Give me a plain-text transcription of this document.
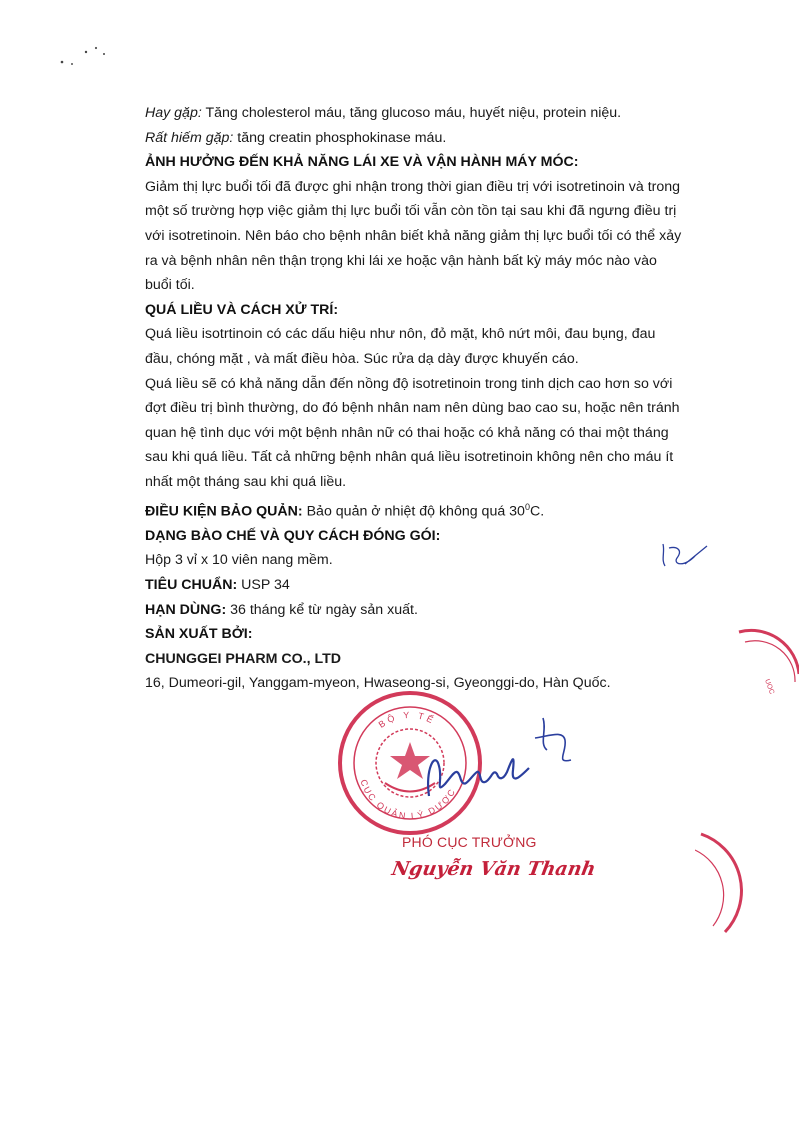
Hay gặp: Tăng cholesterol máu, tăng glucoso máu, huyết niệu, protein niệu.

Rất hiếm gặp: tăng creatin phosphokinase máu.

ẢNH HƯỞNG ĐẾN KHẢ NĂNG LÁI XE VÀ VẬN HÀNH MÁY MÓC:

Giảm thị lực buổi tối đã được ghi nhận trong thời gian điều trị với isotretinoin và trong

một số trường hợp việc giảm thị lực buổi tối vẫn còn tồn tại sau khi đã ngưng điều trị

với isotretinoin. Nên báo cho bệnh nhân biết khả năng giảm thị lực buổi tối có thể xảy

ra và bệnh nhân nên thận trọng khi lái xe hoặc vận hành bất kỳ máy móc nào vào

buổi tối.

QUÁ LIỀU VÀ CÁCH XỬ TRÍ:

Quá liều isotrtinoin có các dấu hiệu như nôn, đỏ mặt, khô nứt môi, đau bụng, đau

đầu, chóng mặt , và mất điều hòa. Súc rửa dạ dày được khuyến cáo.

Quá liều sẽ có khả năng dẫn đến nồng độ isotretinoin trong tinh dịch cao hơn so với

đợt điều trị bình thường, do đó bệnh nhân nam nên dùng bao cao su, hoặc nên tránh

quan hệ tình dục với một bệnh nhân nữ có thai hoặc có khả năng có thai một tháng

sau khi quá liều. Tất cả những bệnh nhân quá liều isotretinoin không nên cho máu ít

nhất một tháng sau khi quá liều.

ĐIỀU KIỆN BẢO QUẢN: Bảo quản ở nhiệt độ không quá $30^0C$.

DẠNG BÀO CHẾ VÀ QUY CÁCH ĐÓNG GÓI:

Hộp 3 vỉ x 10 viên nang mềm.

TIÊU CHUẨN: USP 34

HẠN DÙNG: 36 tháng kể từ ngày sản xuất.

SẢN XUẤT BỞI:

CHUNGGEI PHARM CO., LTD

16, Dumeori-gil, Yanggam-myeon, Hwaseong-si, Gyeonggi-do, Hàn Quốc.	UOC
BỘ Y TẾ
CỤC QUẢN LÝ DƯỢC
PHÓ CỤC TRƯỞNG
Nguyễn Văn Thanh
